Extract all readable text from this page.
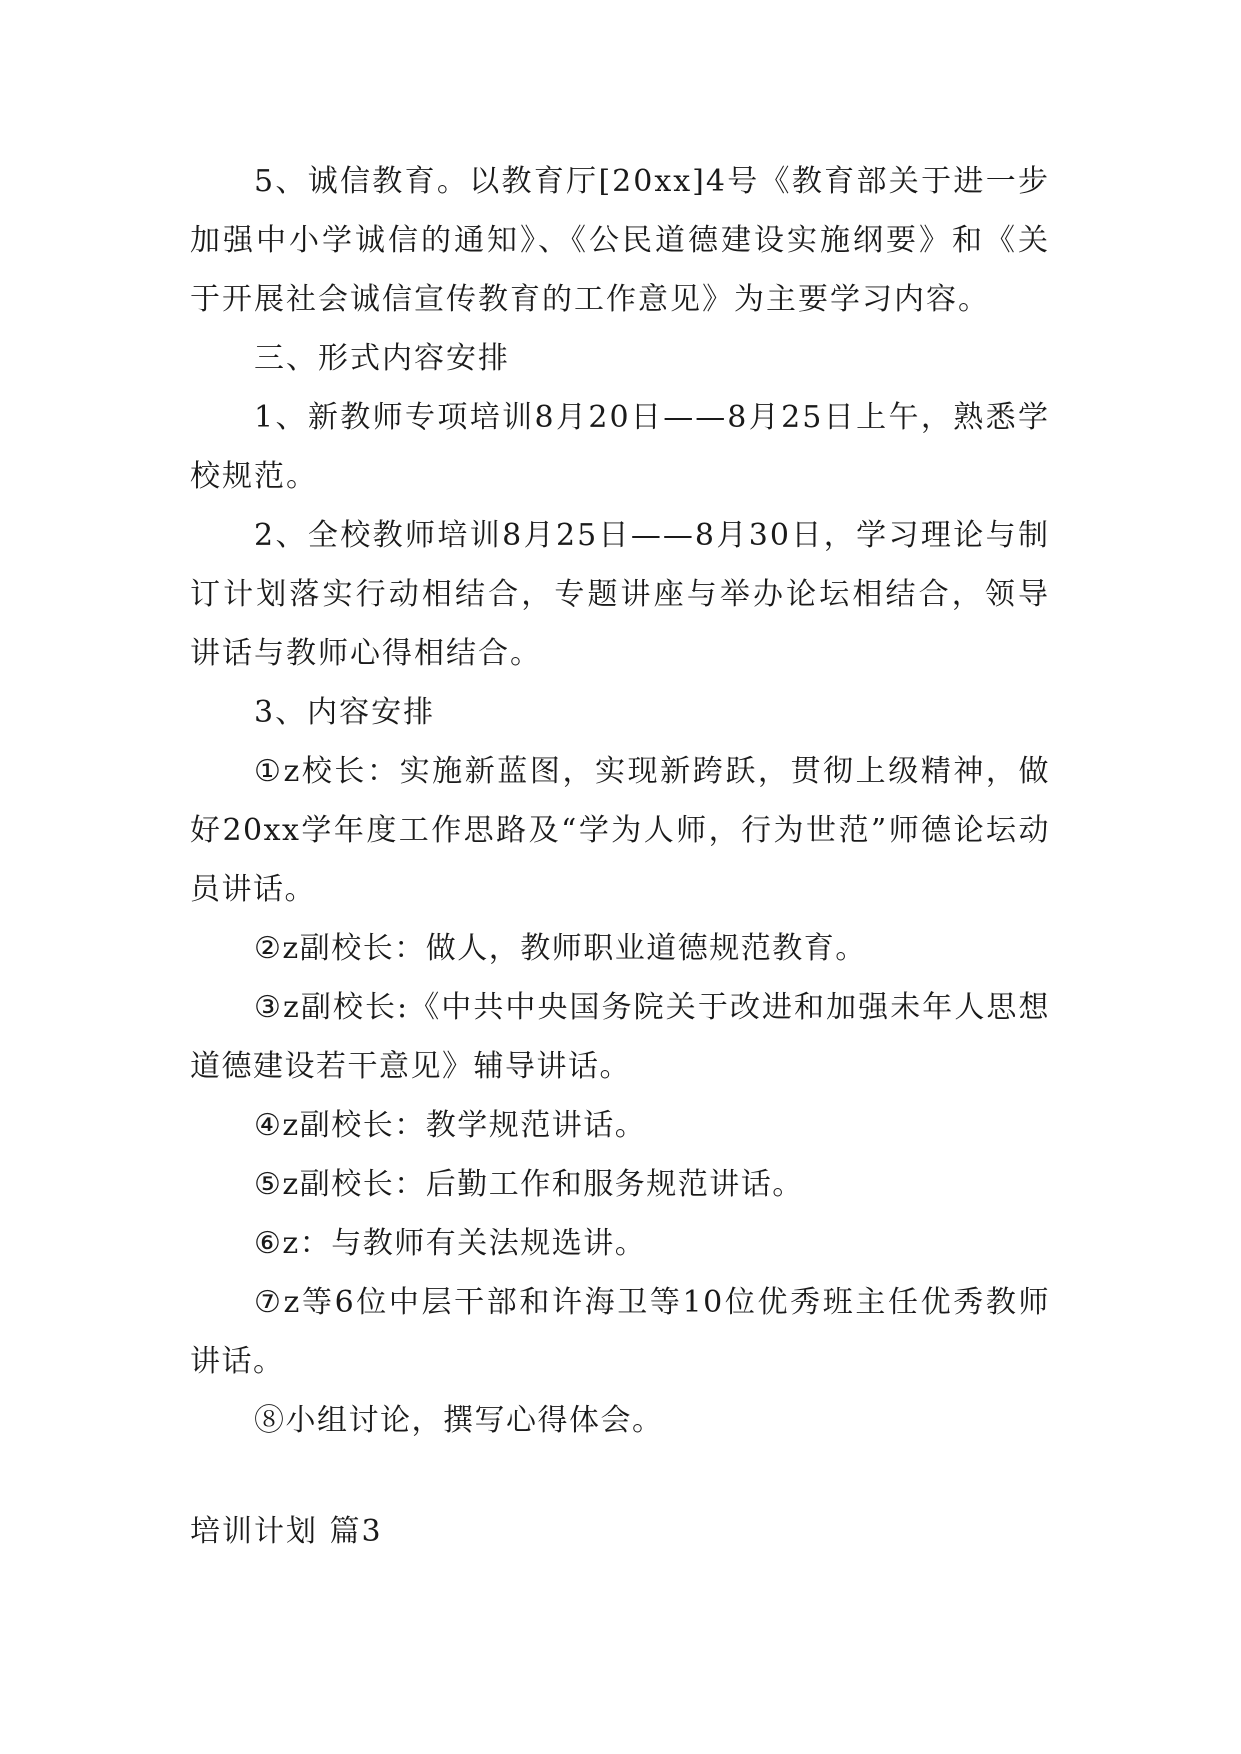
5、诚信教育。以教育厅[20xx]4号《教育部关于进一步加强中小学诚信的通知》、《公民道德建设实施纲要》和《关于开展社会诚信宣传教育的工作意见》为主要学习内容。

三、形式内容安排

1、新教师专项培训8月20日——8月25日上午，熟悉学校规范。

2、全校教师培训8月25日——8月30日，学习理论与制订计划落实行动相结合，专题讲座与举办论坛相结合，领导讲话与教师心得相结合。

3、内容安排

①z校长：实施新蓝图，实现新跨跃，贯彻上级精神，做好20xx学年度工作思路及“学为人师，行为世范”师德论坛动员讲话。

②z副校长：做人，教师职业道德规范教育。

③z副校长:《中共中央国务院关于改进和加强未年人思想道德建设若干意见》辅导讲话。

④z副校长：教学规范讲话。

⑤z副校长：后勤工作和服务规范讲话。

⑥z：与教师有关法规选讲。

⑦z等6位中层干部和许海卫等10位优秀班主任优秀教师讲话。

⑧小组讨论，撰写心得体会。

培训计划 篇3
